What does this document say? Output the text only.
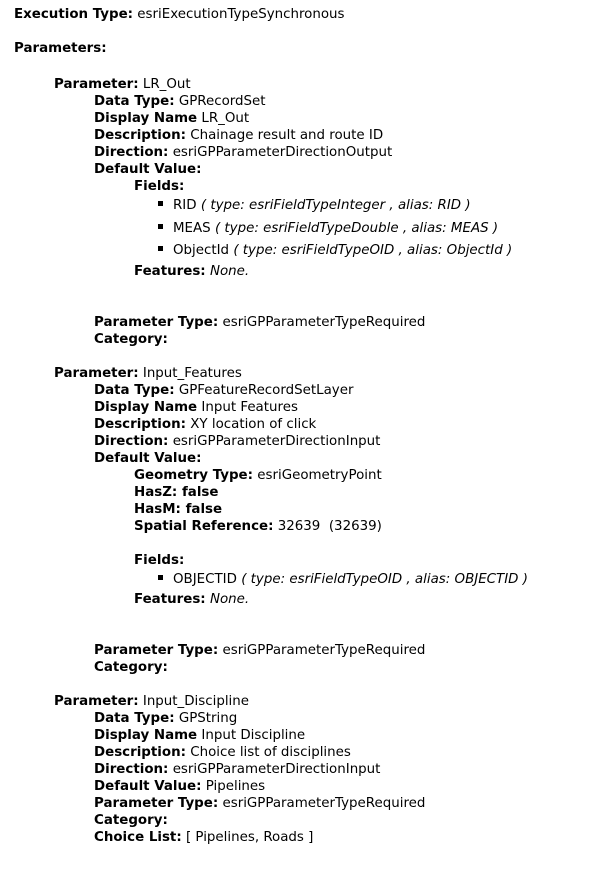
Execution Type: esriExecutionTypeSynchronous
Parameters:
Parameter: LR_Out
Data Type: GPRecordSet
Display Name LR_Out
Description: Chainage result and route ID
Direction: esriGPParameterDirectionOutput
Default Value:
Fields:
RID ( type: esriFieldTypeInteger , alias: RID )
MEAS ( type: esriFieldTypeDouble , alias: MEAS )
ObjectId ( type: esriFieldTypeOID , alias: ObjectId )
Features: None.
Parameter Type: esriGPParameterTypeRequired
Category:
Parameter: Input_Features
Data Type: GPFeatureRecordSetLayer
Display Name Input Features
Description: XY location of click
Direction: esriGPParameterDirectionInput
Default Value:
Geometry Type: esriGeometryPoint
HasZ: false
HasM: false
Spatial Reference: 32639  (32639)
Fields:
OBJECTID ( type: esriFieldTypeOID , alias: OBJECTID )
Features: None.
Parameter Type: esriGPParameterTypeRequired
Category:
Parameter: Input_Discipline
Data Type: GPString
Display Name Input Discipline
Description: Choice list of disciplines
Direction: esriGPParameterDirectionInput
Default Value: Pipelines
Parameter Type: esriGPParameterTypeRequired
Category:
Choice List: [ Pipelines, Roads ]
